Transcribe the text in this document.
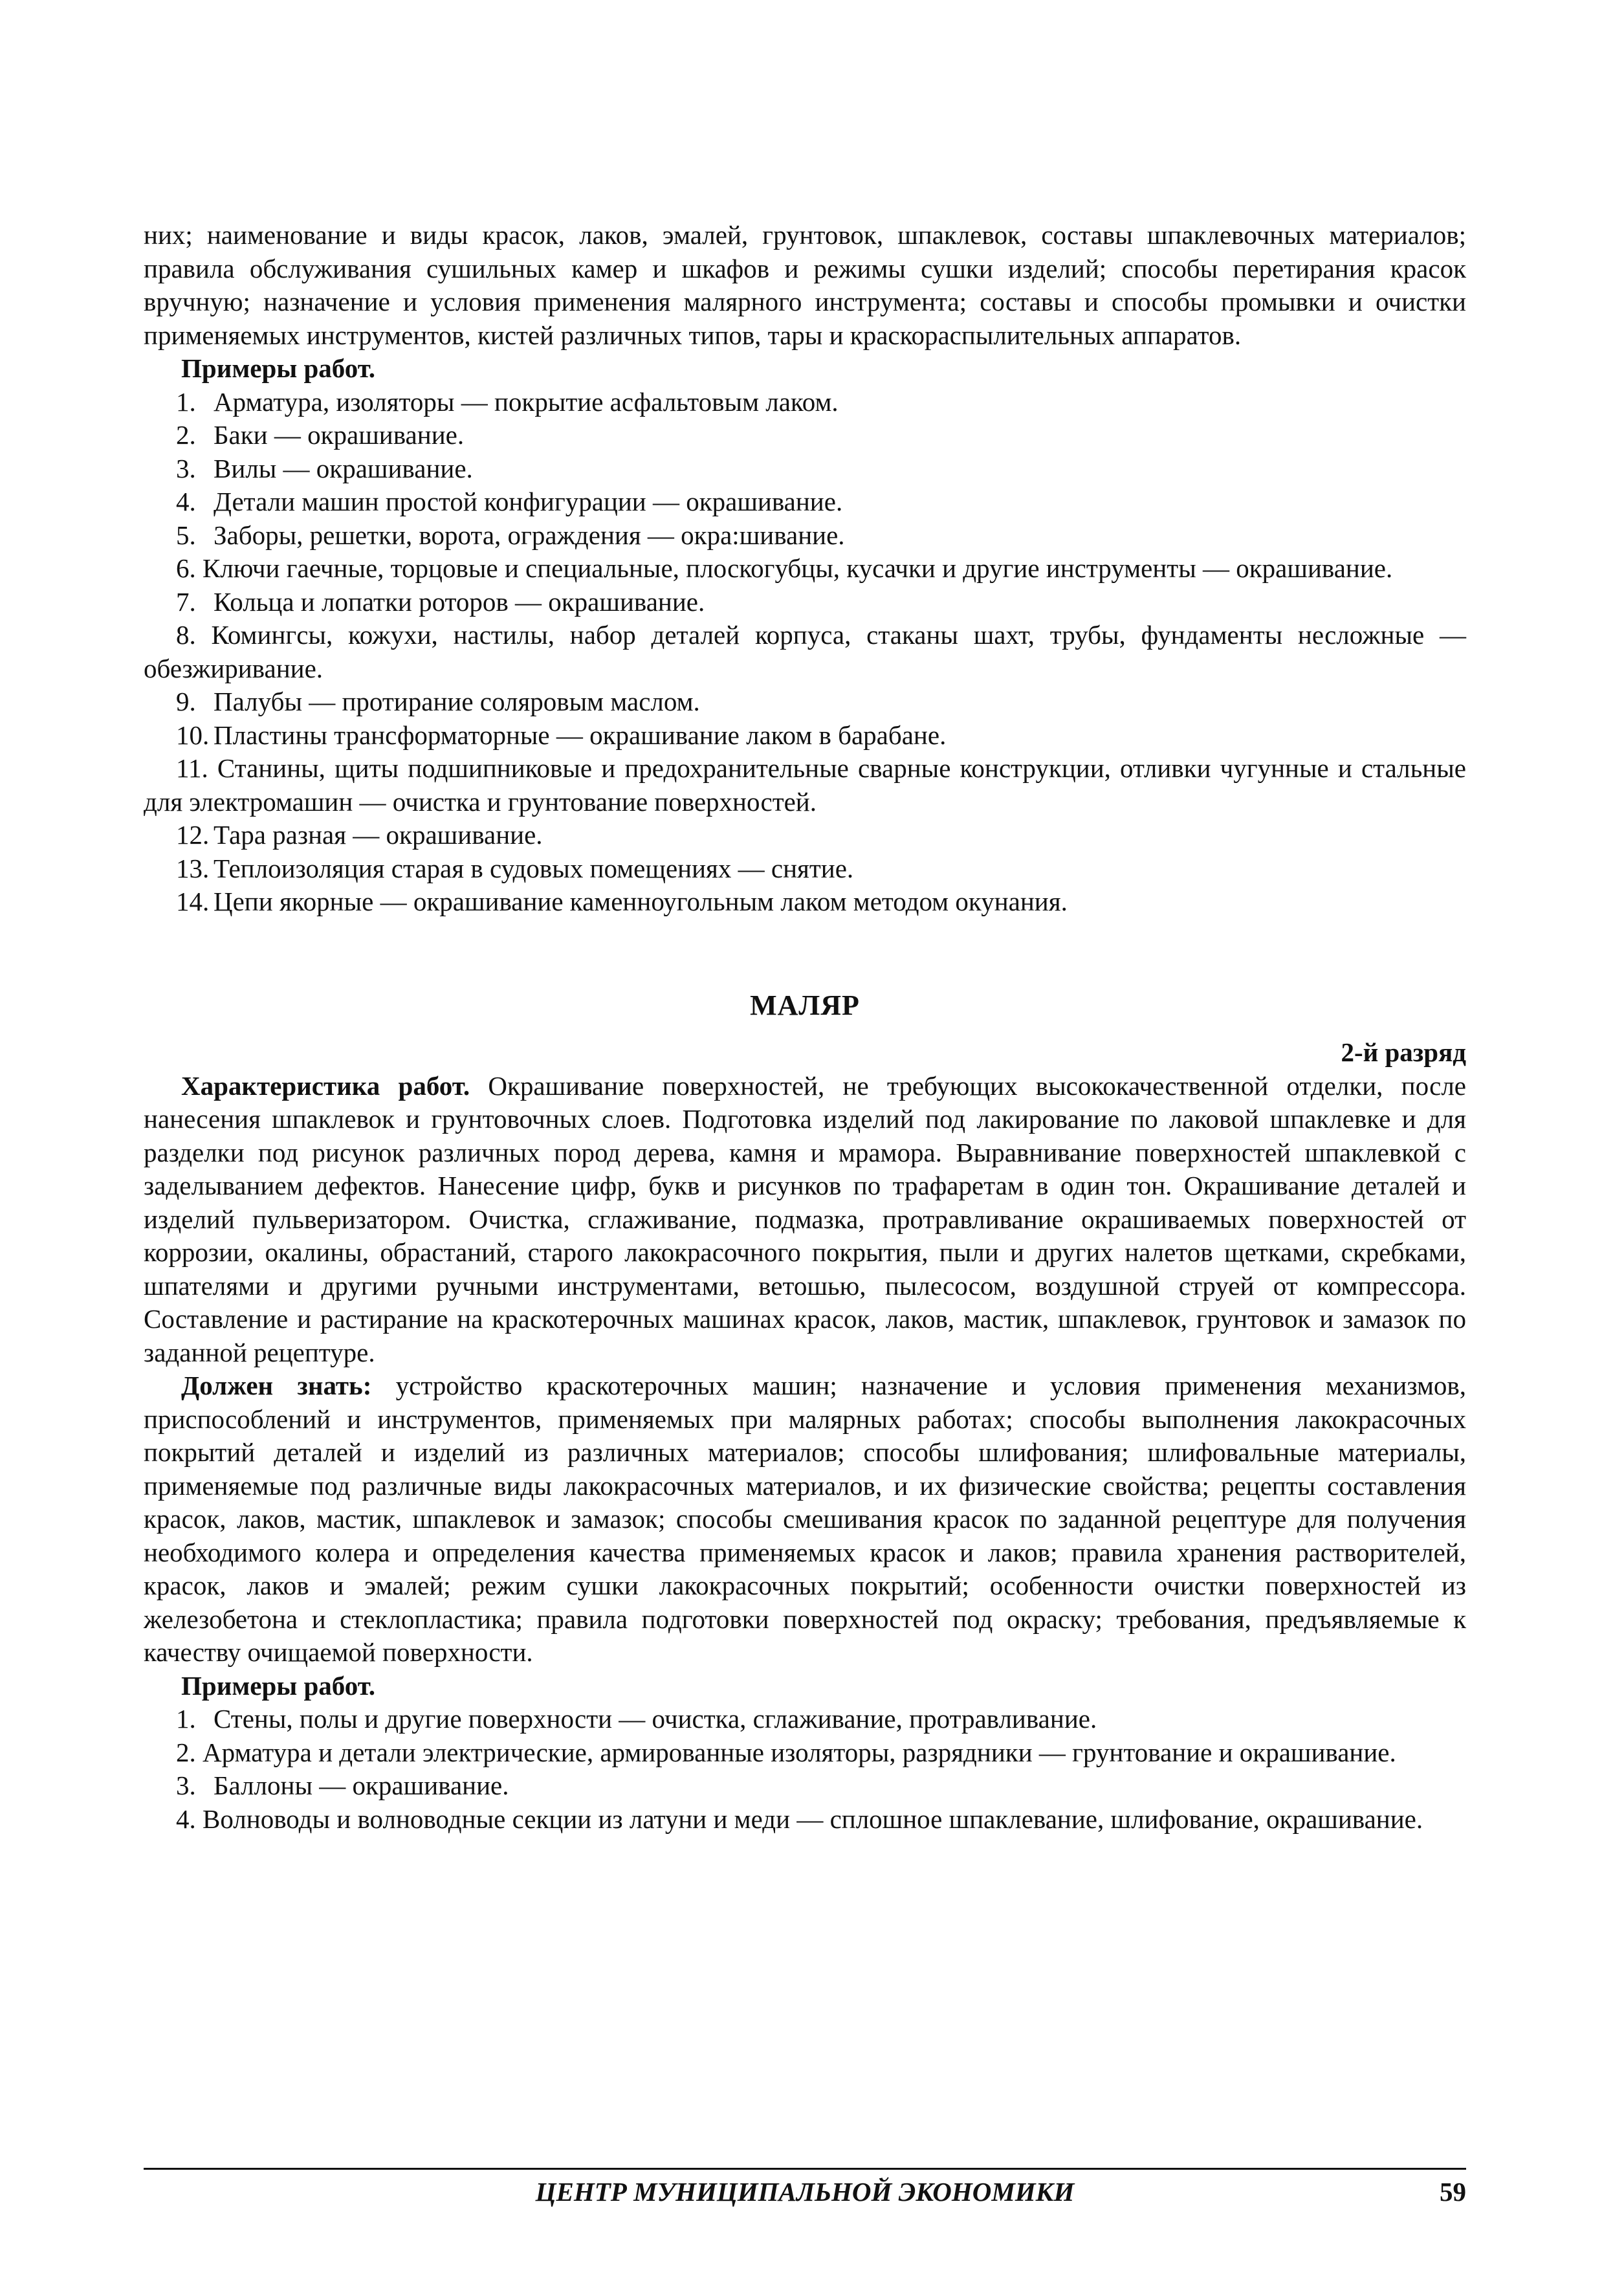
них; наименование и виды красок, лаков, эмалей, грунтовок, шпаклевок, составы шпаклевочных материалов; правила обслуживания сушильных камер и шкафов и режимы сушки изделий; способы перетирания красок вручную; назначение и условия применения малярного инструмента; составы и способы промывки и очистки применяемых инструментов, кистей различных типов, тары и краскораспылительных аппаратов.

Примеры работ.

1. Арматура, изоляторы — покрытие асфальтовым лаком.
2. Баки — окрашивание.
3. Вилы — окрашивание.
4. Детали машин простой конфигурации — окрашивание.
5. Заборы, решетки, ворота, ограждения — окра:шивание.
6. Ключи гаечные, торцовые и специальные, плоскогубцы, кусачки и другие инструменты — окрашивание.
7. Кольца и лопатки роторов — окрашивание.
8. Комингсы, кожухи, настилы, набор деталей корпуса, стаканы шахт, трубы, фундаменты несложные — обезжиривание.
9. Палубы — протирание соляровым маслом.
10. Пластины трансформаторные — окрашивание лаком в барабане.
11. Станины, щиты подшипниковые и предохранительные сварные конструкции, отливки чугунные и стальные для электромашин — очистка и грунтование поверхностей.
12. Тара разная — окрашивание.
13. Теплоизоляция старая в судовых помещениях — снятие.
14. Цепи якорные — окрашивание каменноугольным лаком методом окунания.
МАЛЯР
2-й разряд

Характеристика работ. Окрашивание поверхностей, не требующих высококачественной отделки, после нанесения шпаклевок и грунтовочных слоев. Подготовка изделий под лакирование по лаковой шпаклевке и для разделки под рисунок различных пород дерева, камня и мрамора. Выравнивание поверхностей шпаклевкой с заделыванием дефектов. Нанесение цифр, букв и рисунков по трафаретам в один тон. Окрашивание деталей и изделий пульверизатором. Очистка, сглаживание, подмазка, протравливание окрашиваемых поверхностей от коррозии, окалины, обрастаний, старого лакокрасочного покрытия, пыли и других налетов щетками, скребками, шпателями и другими ручными инструментами, ветошью, пылесосом, воздушной струей от компрессора. Составление и растирание на краскотерочных машинах красок, лаков, мастик, шпаклевок, грунтовок и замазок по заданной рецептуре.

Должен знать: устройство краскотерочных машин; назначение и условия применения механизмов, приспособлений и инструментов, применяемых при малярных работах; способы выполнения лакокрасочных покрытий деталей и изделий из различных материалов; способы шлифования; шлифовальные материалы, применяемые под различные виды лакокрасочных материалов, и их физические свойства; рецепты составления красок, лаков, мастик, шпаклевок и замазок; способы смешивания красок по заданной рецептуре для получения необходимого колера и определения качества применяемых красок и лаков; правила хранения растворителей, красок, лаков и эмалей; режим сушки лакокрасочных покрытий; особенности очистки поверхностей из железобетона и стеклопластика; правила подготовки поверхностей под окраску; требования, предъявляемые к качеству очищаемой поверхности.

Примеры работ.

1. Стены, полы и другие поверхности — очистка, сглаживание, протравливание.
2. Арматура и детали электрические, армированные изоляторы, разрядники — грунтование и окрашивание.
3. Баллоны — окрашивание.
4. Волноводы и волноводные секции из латуни и меди — сплошное шпаклевание, шлифование, окрашивание.
ЦЕНТР МУНИЦИПАЛЬНОЙ ЭКОНОМИКИ	59
